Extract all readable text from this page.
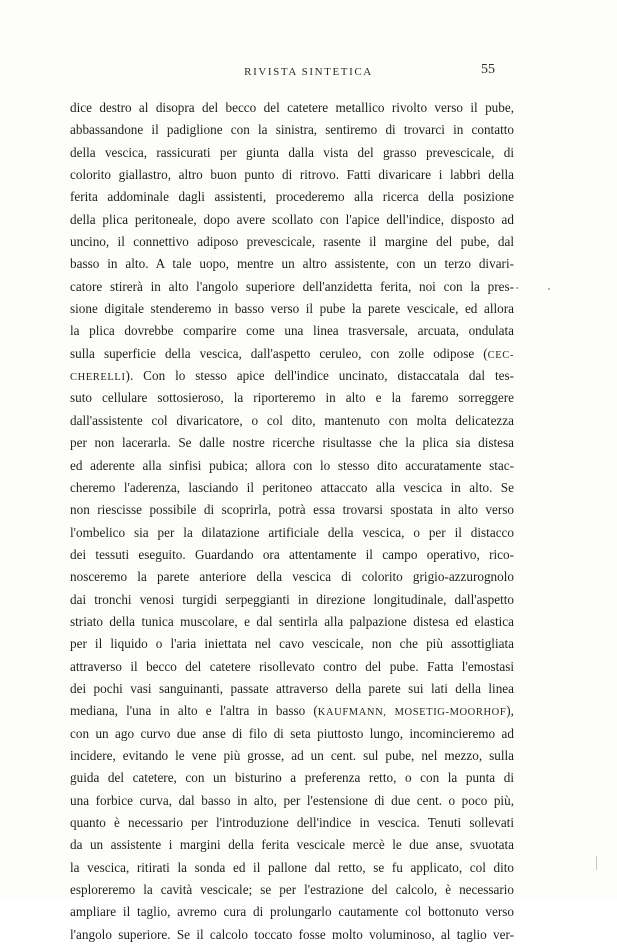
RIVISTA SINTETICA	55
dice destro al disopra del becco del catetere metallico rivolto verso il pube,
abbassandone il padiglione con la sinistra, sentiremo di trovarci in contatto
della vescica, rassicurati per giunta dalla vista del grasso prevescicale, di
colorito giallastro, altro buon punto di ritrovo. Fatti divaricare i labbri della
ferita addominale dagli assistenti, procederemo alla ricerca della posizione
della plica peritoneale, dopo avere scollato con l'apice dell'indice, disposto ad
uncino, il connettivo adiposo prevescicale, rasente il margine del pube, dal
basso in alto. A tale uopo, mentre un altro assistente, con un terzo divari-
catore stirerà in alto l'angolo superiore dell'anzidetta ferita, noi con la pres-
sione digitale stenderemo in basso verso il pube la parete vescicale, ed allora
la plica dovrebbe comparire come una linea trasversale, arcuata, ondulata
sulla superficie della vescica, dall'aspetto ceruleo, con zolle odipose (CEC-
CHERELLI). Con lo stesso apice dell'indice uncinato, distaccatala dal tes-
suto cellulare sottosieroso, la riporteremo in alto e la faremo sorreggere
dall'assistente col divaricatore, o col dito, mantenuto con molta delicatezza
per non lacerarla. Se dalle nostre ricerche risultasse che la plica sia distesa
ed aderente alla sinfisi pubica; allora con lo stesso dito accuratamente stac-
cheremo l'aderenza, lasciando il peritoneo attaccato alla vescica in alto. Se
non riescisse possibile di scoprirla, potrà essa trovarsi spostata in alto verso
l'ombelico sia per la dilatazione artificiale della vescica, o per il distacco
dei tessuti eseguito. Guardando ora attentamente il campo operativo, rico-
nosceremo la parete anteriore della vescica di colorito grigio-azzurognolo
dai tronchi venosi turgidi serpeggianti in direzione longitudinale, dall'aspetto
striato della tunica muscolare, e dal sentirla alla palpazione distesa ed elastica
per il liquido o l'aria iniettata nel cavo vescicale, non che più assottigliata
attraverso il becco del catetere risollevato contro del pube. Fatta l'emostasi
dei pochi vasi sanguinanti, passate attraverso della parete sui lati della linea
mediana, l'una in alto e l'altra in basso (KAUFMANN, MOSETIG-MOORHOF),
con un ago curvo due anse di filo di seta piuttosto lungo, incomincieremo ad
incidere, evitando le vene più grosse, ad un cent. sul pube, nel mezzo, sulla
guida del catetere, con un bisturino a preferenza retto, o con la punta di
una forbice curva, dal basso in alto, per l'estensione di due cent. o poco più,
quanto è necessario per l'introduzione dell'indice in vescica. Tenuti sollevati
da un assistente i margini della ferita vescicale mercè le due anse, svuotata
la vescica, ritirati la sonda ed il pallone dal retto, se fu applicato, col dito
esploreremo la cavità vescicale; se per l'estrazione del calcolo, è necessario
ampliare il taglio, avremo cura di prolungarlo cautamente col bottonuto verso
l'angolo superiore. Se il calcolo toccato fosse molto voluminoso, al taglio ver-
